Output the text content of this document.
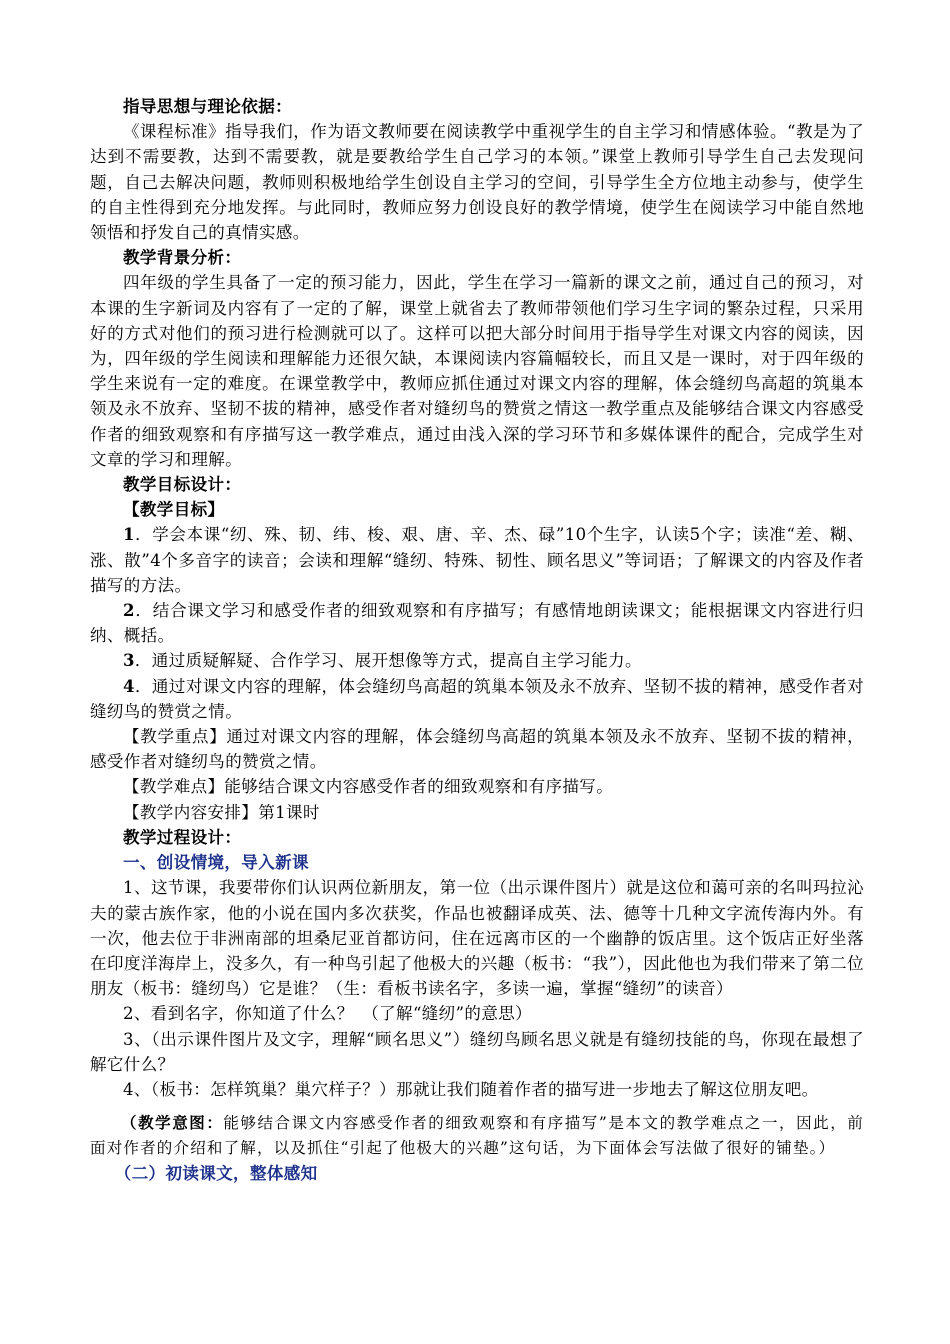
指导思想与理论依据：

《课程标准》指导我们，作为语文教师要在阅读教学中重视学生的自主学习和情感体验。“教是为了达到不需要教，达到不需要教，就是要教给学生自己学习的本领。”课堂上教师引导学生自己去发现问题，自己去解决问题，教师则积极地给学生创设自主学习的空间，引导学生全方位地主动参与，使学生的自主性得到充分地发挥。与此同时，教师应努力创设良好的教学情境，使学生在阅读学习中能自然地领悟和抒发自己的真情实感。

教学背景分析：

四年级的学生具备了一定的预习能力，因此，学生在学习一篇新的课文之前，通过自己的预习，对本课的生字新词及内容有了一定的了解，课堂上就省去了教师带领他们学习生字词的繁杂过程，只采用好的方式对他们的预习进行检测就可以了。这样可以把大部分时间用于指导学生对课文内容的阅读，因为，四年级的学生阅读和理解能力还很欠缺，本课阅读内容篇幅较长，而且又是一课时，对于四年级的学生来说有一定的难度。在课堂教学中，教师应抓住通过对课文内容的理解，体会缝纫鸟高超的筑巢本领及永不放弃、坚韧不拔的精神，感受作者对缝纫鸟的赞赏之情这一教学重点及能够结合课文内容感受作者的细致观察和有序描写这一教学难点，通过由浅入深的学习环节和多媒体课件的配合，完成学生对文章的学习和理解。

教学目标设计：

【教学目标】

1．学会本课“纫、殊、韧、纬、梭、艰、唐、辛、杰、碌”10个生字，认读5个字；读准“差、糊、涨、散”4个多音字的读音；会读和理解“缝纫、特殊、韧性、顾名思义”等词语；了解课文的内容及作者描写的方法。

2．结合课文学习和感受作者的细致观察和有序描写；有感情地朗读课文；能根据课文内容进行归纳、概括。

3．通过质疑解疑、合作学习、展开想像等方式，提高自主学习能力。

4．通过对课文内容的理解，体会缝纫鸟高超的筑巢本领及永不放弃、坚韧不拔的精神，感受作者对缝纫鸟的赞赏之情。

【教学重点】通过对课文内容的理解，体会缝纫鸟高超的筑巢本领及永不放弃、坚韧不拔的精神，感受作者对缝纫鸟的赞赏之情。

【教学难点】能够结合课文内容感受作者的细致观察和有序描写。

【教学内容安排】第1课时

教学过程设计：

一、创设情境，导入新课

1、这节课，我要带你们认识两位新朋友，第一位（出示课件图片）就是这位和蔼可亲的名叫玛拉沁夫的蒙古族作家，他的小说在国内多次获奖，作品也被翻译成英、法、德等十几种文字流传海内外。有一次，他去位于非洲南部的坦桑尼亚首都访问，住在远离市区的一个幽静的饭店里。这个饭店正好坐落在印度洋海岸上，没多久，有一种鸟引起了他极大的兴趣（板书：“我”），因此他也为我们带来了第二位朋友（板书：缝纫鸟）它是谁？（生：看板书读名字，多读一遍，掌握“缝纫”的读音）

2、看到名字，你知道了什么？　（了解“缝纫”的意思）

3、（出示课件图片及文字，理解“顾名思义”）缝纫鸟顾名思义就是有缝纫技能的鸟，你现在最想了解它什么？

4、（板书：怎样筑巢？巢穴样子？）那就让我们随着作者的描写进一步地去了解这位朋友吧。

（教学意图：能够结合课文内容感受作者的细致观察和有序描写”是本文的教学难点之一，因此，前面对作者的介绍和了解，以及抓住“引起了他极大的兴趣”这句话，为下面体会写法做了很好的铺垫。）

（二）初读课文，整体感知
